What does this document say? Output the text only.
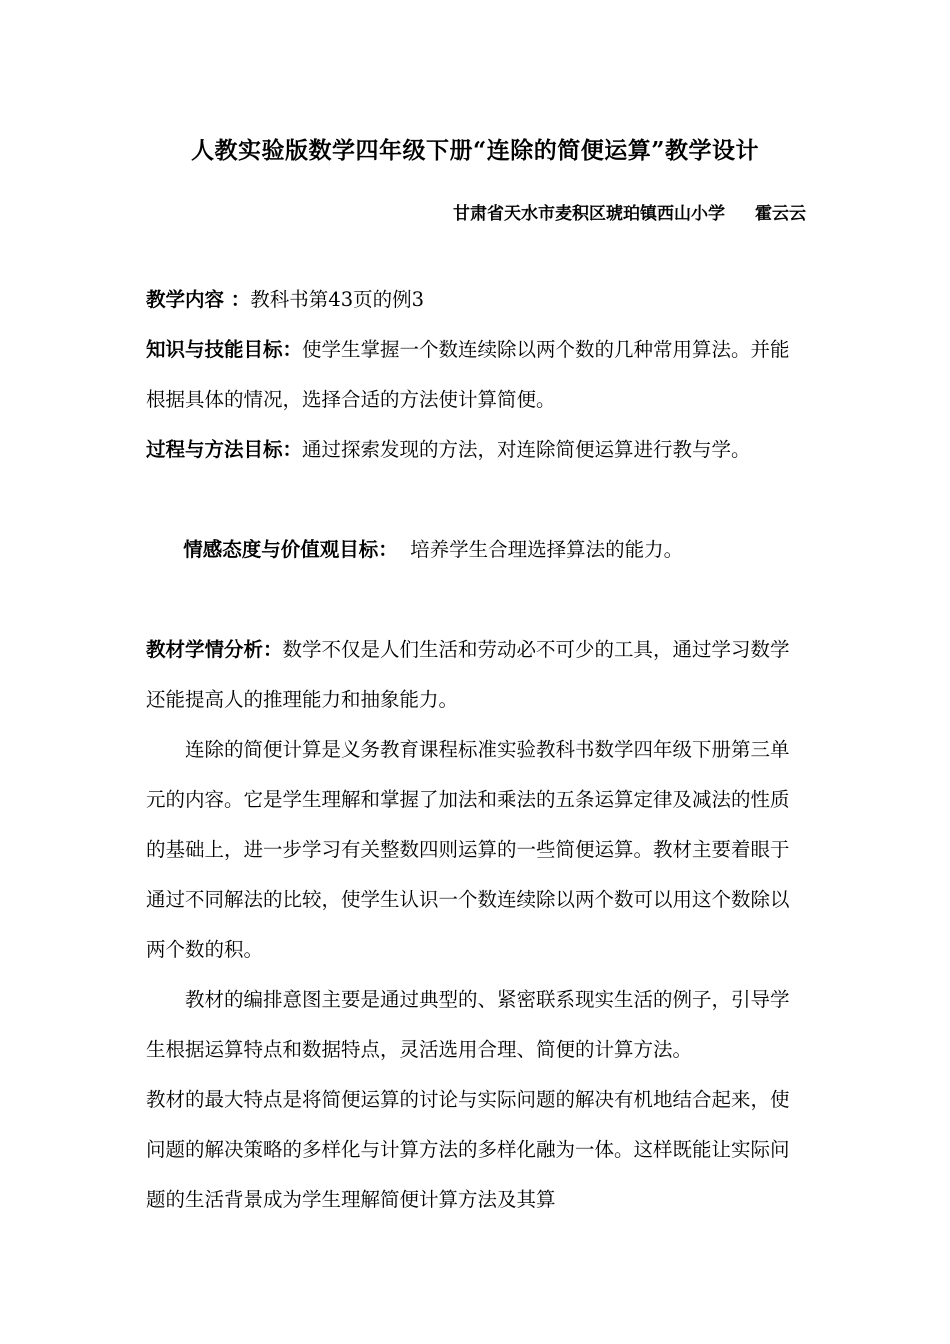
人教实验版数学四年级下册“连除的简便运算”教学设计
甘肃省天水市麦积区琥珀镇西山小学 霍云云

教学内容 ：教科书第43页的例3

知识与技能目标：使学生掌握一个数连续除以两个数的几种常用算法。并能根据具体的情况，选择合适的方法使计算简便。

过程与方法目标：通过探索发现的方法，对连除简便运算进行教与学。

情感态度与价值观目标：  培养学生合理选择算法的能力。

教材学情分析：数学不仅是人们生活和劳动必不可少的工具，通过学习数学还能提高人的推理能力和抽象能力。

连除的简便计算是义务教育课程标准实验教科书数学四年级下册第三单元的内容。它是学生理解和掌握了加法和乘法的五条运算定律及减法的性质的基础上，进一步学习有关整数四则运算的一些简便运算。教材主要着眼于通过不同解法的比较，使学生认识一个数连续除以两个数可以用这个数除以两个数的积。

教材的编排意图主要是通过典型的、紧密联系现实生活的例子，引导学生根据运算特点和数据特点，灵活选用合理、简便的计算方法。

教材的最大特点是将简便运算的讨论与实际问题的解决有机地结合起来，使问题的解决策略的多样化与计算方法的多样化融为一体。这样既能让实际问题的生活背景成为学生理解简便计算方法及其算
